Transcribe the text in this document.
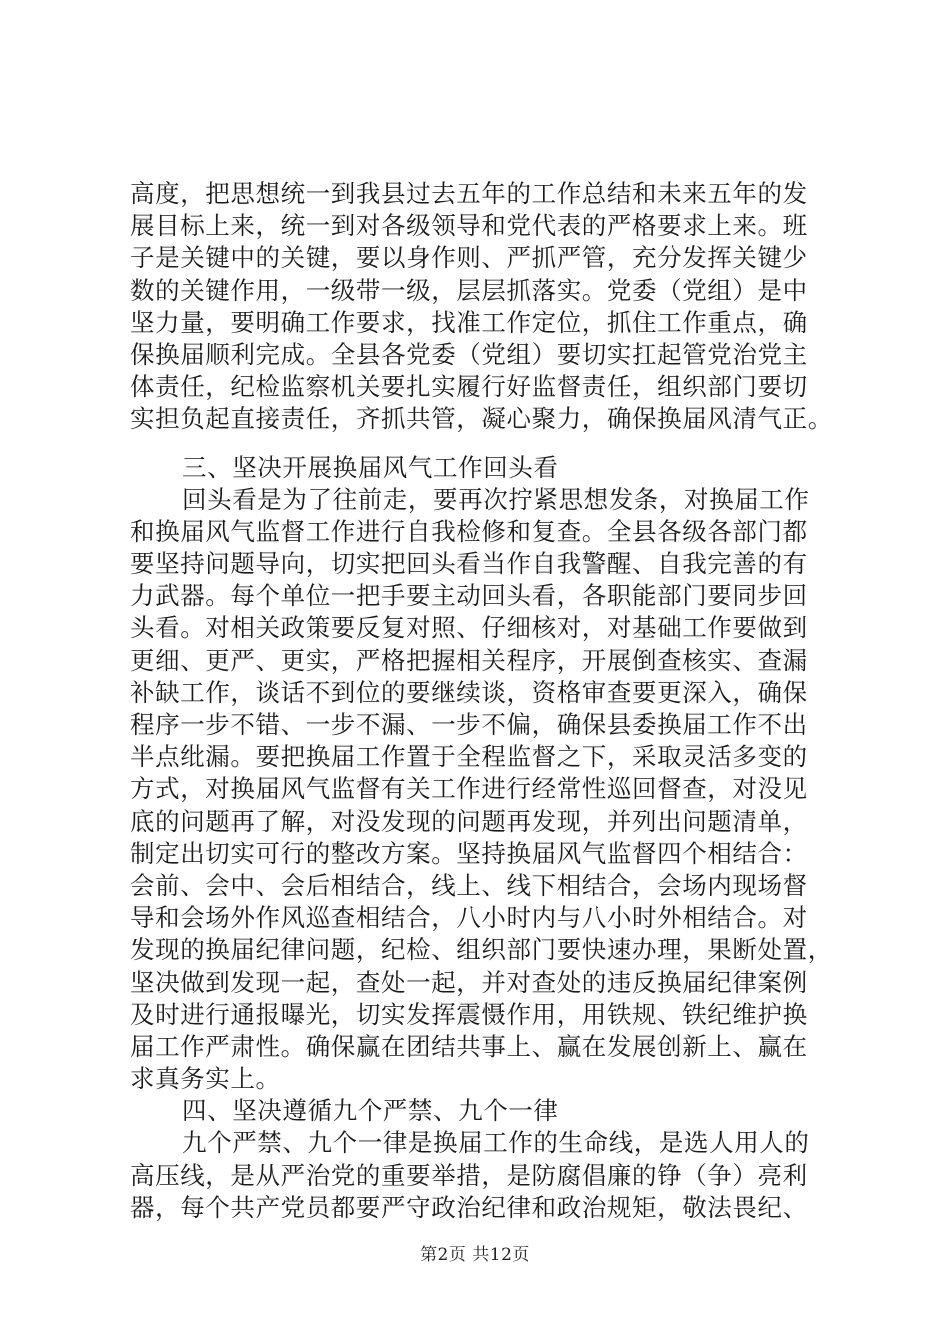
高度，把思想统一到我县过去五年的工作总结和未来五年的发
展目标上来，统一到对各级领导和党代表的严格要求上来。班
子是关键中的关键，要以身作则、严抓严管，充分发挥关键少
数的关键作用，一级带一级，层层抓落实。党委（党组）是中
坚力量，要明确工作要求，找准工作定位，抓住工作重点，确
保换届顺利完成。全县各党委（党组）要切实扛起管党治党主
体责任，纪检监察机关要扎实履行好监督责任，组织部门要切
实担负起直接责任，齐抓共管，凝心聚力，确保换届风清气正。
三、坚决开展换届风气工作回头看
回头看是为了往前走，要再次拧紧思想发条，对换届工作
和换届风气监督工作进行自我检修和复查。全县各级各部门都
要坚持问题导向，切实把回头看当作自我警醒、自我完善的有
力武器。每个单位一把手要主动回头看，各职能部门要同步回
头看。对相关政策要反复对照、仔细核对，对基础工作要做到
更细、更严、更实，严格把握相关程序，开展倒查核实、查漏
补缺工作，谈话不到位的要继续谈，资格审查要更深入，确保
程序一步不错、一步不漏、一步不偏，确保县委换届工作不出
半点纰漏。要把换届工作置于全程监督之下，采取灵活多变的
方式，对换届风气监督有关工作进行经常性巡回督查，对没见
底的问题再了解，对没发现的问题再发现，并列出问题清单，
制定出切实可行的整改方案。坚持换届风气监督四个相结合：
会前、会中、会后相结合，线上、线下相结合，会场内现场督
导和会场外作风巡查相结合，八小时内与八小时外相结合。对
发现的换届纪律问题，纪检、组织部门要快速办理，果断处置，
坚决做到发现一起，查处一起，并对查处的违反换届纪律案例
及时进行通报曝光，切实发挥震慑作用，用铁规、铁纪维护换
届工作严肃性。确保赢在团结共事上、赢在发展创新上、赢在
求真务实上。
四、坚决遵循九个严禁、九个一律
九个严禁、九个一律是换届工作的生命线，是选人用人的
高压线，是从严治党的重要举措，是防腐倡廉的铮（争）亮利
器，每个共产党员都要严守政治纪律和政治规矩，敬法畏纪、
第2页 共12页
